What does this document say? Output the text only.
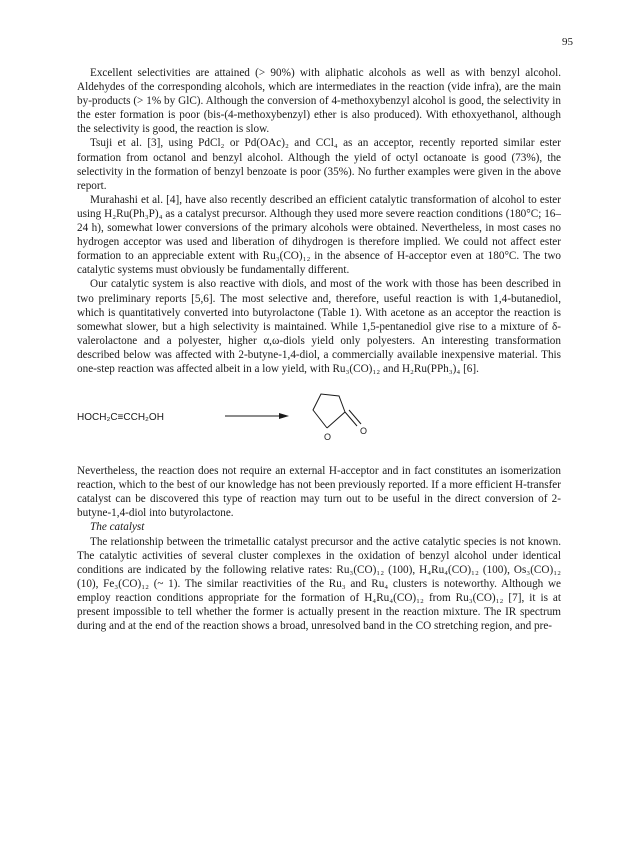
95

Excellent selectivities are attained (> 90%) with aliphatic alcohols as well as with benzyl alcohol. Aldehydes of the corresponding alcohols, which are intermediates in the reaction (vide infra), are the main by-products (> 1% by GlC). Although the conversion of 4-methoxybenzyl alcohol is good, the selectivity in the ester formation is poor (bis-(4-methoxybenzyl) ether is also produced). With ethoxyethanol, although the selectivity is good, the reaction is slow.

Tsuji et al. [3], using PdCl₂ or Pd(OAc)₂ and CCl₄ as an acceptor, recently reported similar ester formation from octanol and benzyl alcohol. Although the yield of octyl octanoate is good (73%), the selectivity in the formation of benzyl benzoate is poor (35%). No further examples were given in the above report.

Murahashi et al. [4], have also recently described an efficient catalytic transformation of alcohol to ester using H₂Ru(Ph₃P)₄ as a catalyst precursor. Although they used more severe reaction conditions (180°C; 16–24 h), somewhat lower conversions of the primary alcohols were obtained. Nevertheless, in most cases no hydrogen acceptor was used and liberation of dihydrogen is therefore implied. We could not affect ester formation to an appreciable extent with Ru₃(CO)₁₂ in the absence of H-acceptor even at 180°C. The two catalytic systems must obviously be fundamentally different.

Our catalytic system is also reactive with diols, and most of the work with those has been described in two preliminary reports [5,6]. The most selective and, therefore, useful reaction is with 1,4-butanediol, which is quantitatively converted into butyrolactone (Table 1). With acetone as an acceptor the reaction is somewhat slower, but a high selectivity is maintained. While 1,5-pentanediol give rise to a mixture of δ-valerolactone and a polyester, higher α,ω-diols yield only polyesters. An interesting transformation described below was affected with 2-butyne-1,4-diol, a commercially available inexpensive material. This one-step reaction was affected albeit in a low yield, with Ru₃(CO)₁₂ and H₂Ru(PPh₃)₄ [6].

HOCH₂C≡CCH₂OH
O
O

Nevertheless, the reaction does not require an external H-acceptor and in fact constitutes an isomerization reaction, which to the best of our knowledge has not been previously reported. If a more efficient H-transfer catalyst can be discovered this type of reaction may turn out to be useful in the direct conversion of 2-butyne-1,4-diol into butyrolactone.

The catalyst

The relationship between the trimetallic catalyst precursor and the active catalytic species is not known. The catalytic activities of several cluster complexes in the oxidation of benzyl alcohol under identical conditions are indicated by the following relative rates: Ru₃(CO)₁₂ (100), H₄Ru₄(CO)₁₂ (100), Os₃(CO)₁₂ (10), Fe₃(CO)₁₂ (~ 1). The similar reactivities of the Ru₃ and Ru₄ clusters is noteworthy. Although we employ reaction conditions appropriate for the formation of H₄Ru₄(CO)₁₂ from Ru₃(CO)₁₂ [7], it is at present impossible to tell whether the former is actually present in the reaction mixture. The IR spectrum during and at the end of the reaction shows a broad, unresolved band in the CO stretching region, and pre-
